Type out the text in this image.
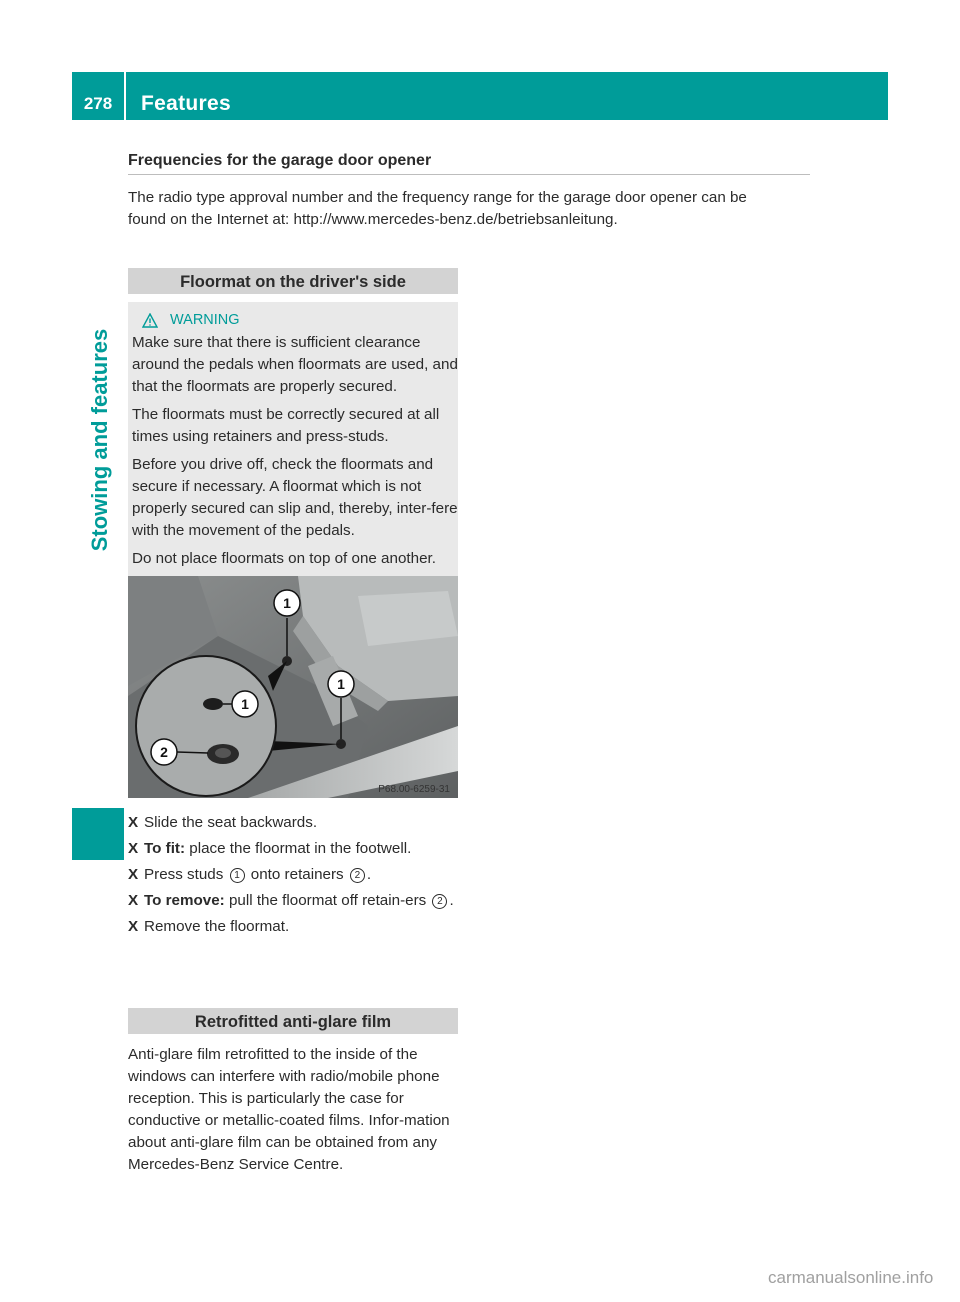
278	Features
Stowing and features
Frequencies for the garage door opener
The radio type approval number and the frequency range for the garage door opener can be
found on the Internet at: http://www.mercedes-benz.de/betriebsanleitung.
Floormat on the driver's side
WARNING

Make sure that there is sufficient clearance around the pedals when floormats are used, and that the floormats are properly secured.

The floormats must be correctly secured at all times using retainers and press-studs.

Before you drive off, check the floormats and secure if necessary. A floormat which is not properly secured can slip and, thereby, inter-fere with the movement of the pedals.

Do not place floormats on top of one another.

1
1
1
2
P68.00-6259-31
X Slide the seat backwards.
X To fit: place the floormat in the footwell.
X Press studs 1 onto retainers 2 .
X To remove: pull the floormat off retain-ers 2 .
X Remove the floormat.
Retrofitted anti-glare film

Anti-glare film retrofitted to the inside of the windows can interfere with radio/mobile phone reception. This is particularly the case for conductive or metallic-coated films. Infor-mation about anti-glare film can be obtained from any Mercedes-Benz Service Centre.

carmanualsonline.info
